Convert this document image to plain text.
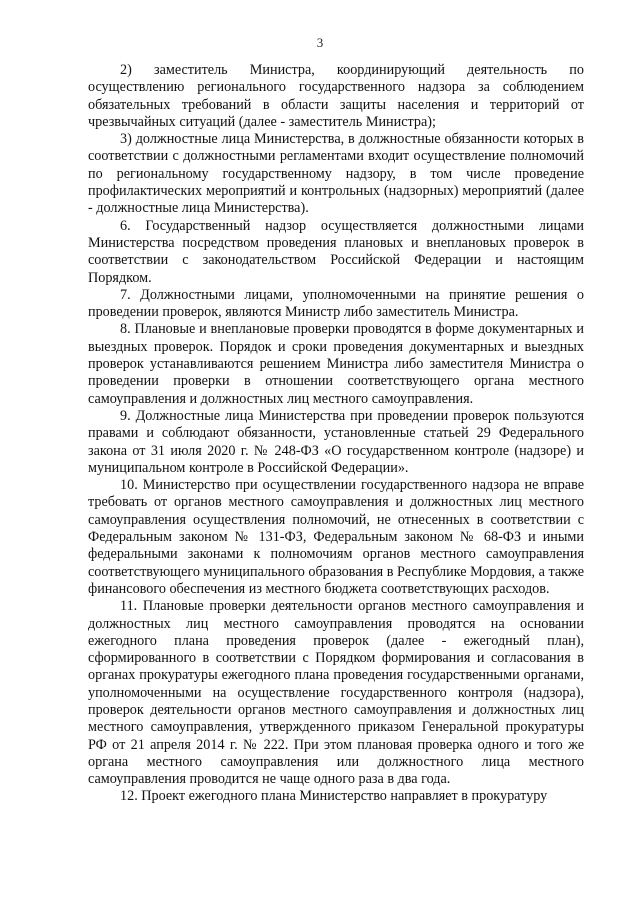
3

2) заместитель Министра, координирующий деятельность по осуществлению регионального государственного надзора за соблюдением обязательных требований в области защиты населения и территорий от чрезвычайных ситуаций (далее - заместитель Министра);

3) должностные лица Министерства, в должностные обязанности которых в соответствии с должностными регламентами входит осуществление полномочий по региональному государственному надзору, в том числе проведение профилактических мероприятий и контрольных (надзорных) мероприятий (далее - должностные лица Министерства).

6. Государственный надзор осуществляется должностными лицами Министерства посредством проведения плановых и внеплановых проверок в соответствии с законодательством Российской Федерации и настоящим Порядком.

7. Должностными лицами, уполномоченными на принятие решения о проведении проверок, являются Министр либо заместитель Министра.

8. Плановые и внеплановые проверки проводятся в форме документарных и выездных проверок. Порядок и сроки проведения документарных и выездных проверок устанавливаются решением Министра либо заместителя Министра о проведении проверки в отношении соответствующего органа местного самоуправления и должностных лиц местного самоуправления.

9. Должностные лица Министерства при проведении проверок пользуются правами и соблюдают обязанности, установленные статьей 29 Федерального закона от 31 июля 2020 г. № 248-ФЗ «О государственном контроле (надзоре) и муниципальном контроле в Российской Федерации».

10. Министерство при осуществлении государственного надзора не вправе требовать от органов местного самоуправления и должностных лиц местного самоуправления осуществления полномочий, не отнесенных в соответствии с Федеральным законом № 131-ФЗ, Федеральным законом № 68-ФЗ и иными федеральными законами к полномочиям органов местного самоуправления соответствующего муниципального образования в Республике Мордовия, а также финансового обеспечения из местного бюджета соответствующих расходов.

11. Плановые проверки деятельности органов местного самоуправления и должностных лиц местного самоуправления проводятся на основании ежегодного плана проведения проверок (далее - ежегодный план), сформированного в соответствии с Порядком формирования и согласования в органах прокуратуры ежегодного плана проведения государственными органами, уполномоченными на осуществление государственного контроля (надзора), проверок деятельности органов местного самоуправления и должностных лиц местного самоуправления, утвержденного приказом Генеральной прокуратуры РФ от 21 апреля 2014 г. № 222. При этом плановая проверка одного и того же органа местного самоуправления или должностного лица местного самоуправления проводится не чаще одного раза в два года.

12. Проект ежегодного плана Министерство направляет в прокуратуру
